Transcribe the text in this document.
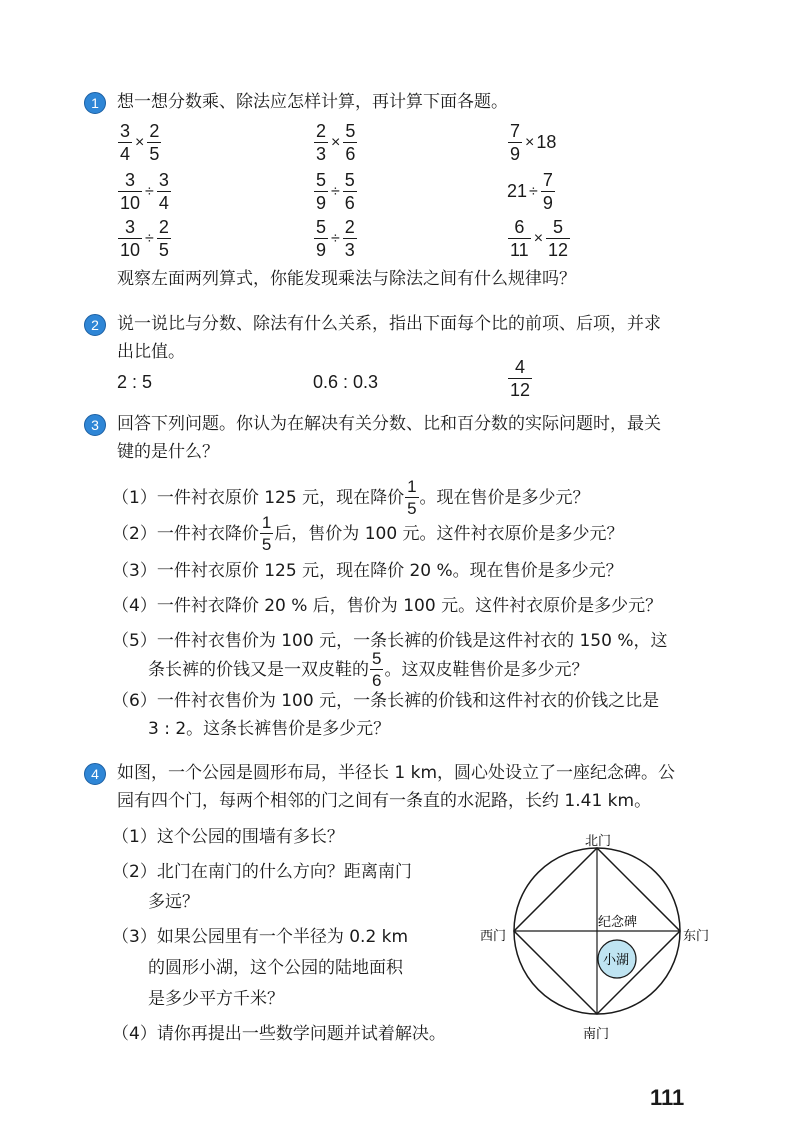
1	想一想分数乘、除法应怎样计算，再计算下面各题。
$\frac{3}{4} \times \frac{2}{5}$	$\frac{2}{3} \times \frac{5}{6}$	$\frac{7}{9} \times 18$
$\frac{3}{10} \div \frac{3}{4}$	$\frac{5}{9} \div \frac{5}{6}$	$21 \div \frac{7}{9}$
$\frac{3}{10} \div \frac{2}{5}$	$\frac{5}{9} \div \frac{2}{3}$	$\frac{6}{11} \times \frac{5}{12}$
观察左面两列算式，你能发现乘法与除法之间有什么规律吗？
2	说一说比与分数、除法有什么关系，指出下面每个比的前项、后项，并求
出比值。
2 : 5	0.6 : 0.3	$\frac{4}{12}$
3	回答下列问题。你认为在解决有关分数、比和百分数的实际问题时，最关
键的是什么？
（1）一件衬衣原价 125 元，现在降价 $\frac{1}{5}$ 。现在售价是多少元？
（2）一件衬衣降价 $\frac{1}{5}$ 后，售价为 100 元。这件衬衣原价是多少元？
（3）一件衬衣原价 125 元，现在降价 20 %。现在售价是多少元？
（4）一件衬衣降价 20 % 后，售价为 100 元。这件衬衣原价是多少元？
（5）一件衬衣售价为 100 元，一条长裤的价钱是这件衬衣的 150 %，这
条长裤的价钱又是一双皮鞋的 $\frac{5}{6}$ 。这双皮鞋售价是多少元？
（6）一件衬衣售价为 100 元，一条长裤的价钱和这件衬衣的价钱之比是
3 : 2。这条长裤售价是多少元？
4	如图，一个公园是圆形布局，半径长 1 km，圆心处设立了一座纪念碑。公
园有四个门，每两个相邻的门之间有一条直的水泥路，长约 1.41 km。
（1）这个公园的围墙有多长？
（2）北门在南门的什么方向？距离南门
多远？
（3）如果公园里有一个半径为 0.2 km
的圆形小湖，这个公园的陆地面积
是多少平方千米？
（4）请你再提出一些数学问题并试着解决。
北门
南门
东门
西门
纪念碑
小湖
111
